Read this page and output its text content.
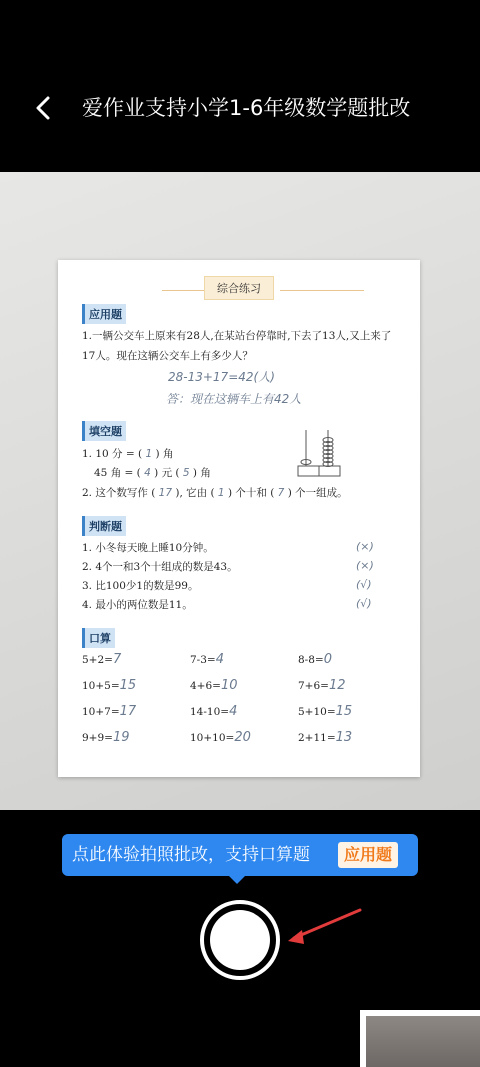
爱作业支持小学1-6年级数学题批改
综合练习
应用题
1.一辆公交车上原来有28人,在某站台停靠时,下去了13人,又上来了
17人。现在这辆公交车上有多少人？
28-13+17=42(人)
答：现在这辆车上有42人
填空题
1. 10 分 = ( 1 ) 角
45 角 = ( 4 ) 元 ( 5 ) 角
2. 这个数写作 ( 17 ), 它由 ( 1 ) 个十和 ( 7 ) 个一组成。
判断题
1. 小冬每天晚上睡10分钟。	(×)
2. 4个一和3个十组成的数是43。	(×)
3. 比100少1的数是99。	(√)
4. 最小的两位数是11。	(√)
口算
5+2=7	7-3=4	8-8=0
10+5=15	4+6=10	7+6=12
10+7=17	14-10=4	5+10=15
9+9=19	10+10=20	2+11=13
点此体验拍照批改，支持口算题	应用题
